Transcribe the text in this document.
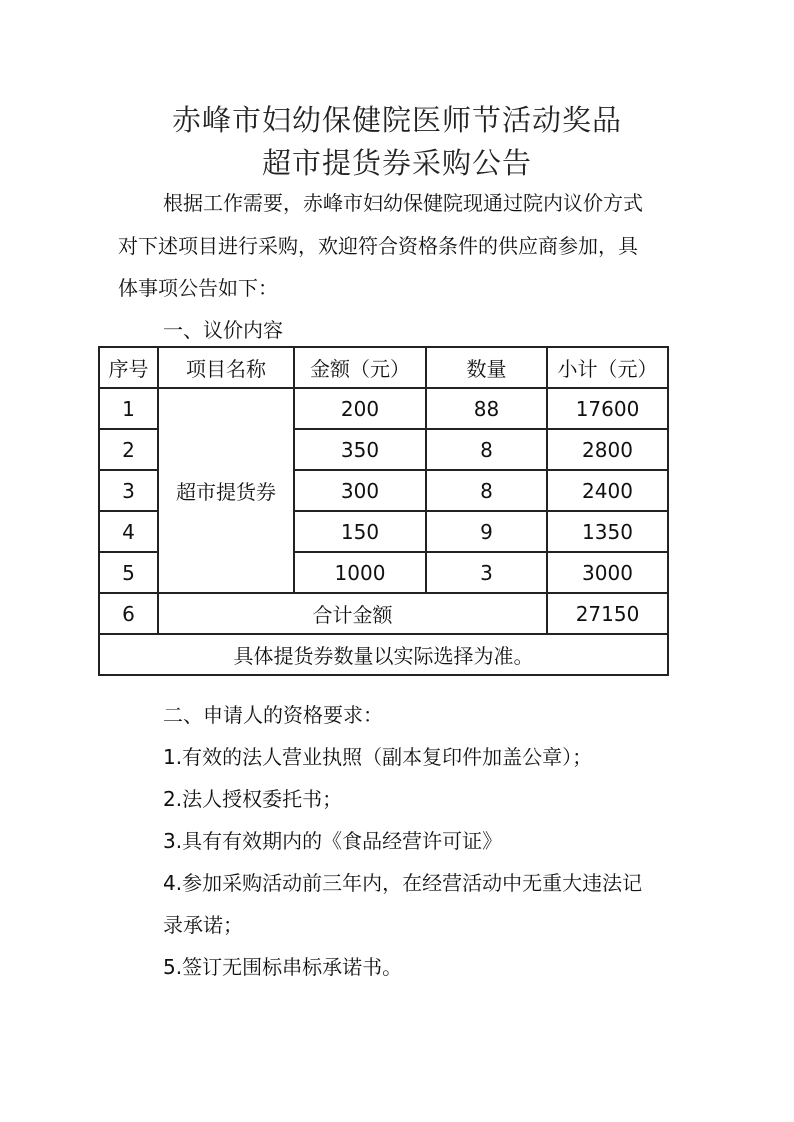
赤峰市妇幼保健院医师节活动奖品
超市提货券采购公告
根据工作需要，赤峰市妇幼保健院现通过院内议价方式
对下述项目进行采购，欢迎符合资格条件的供应商参加，具
体事项公告如下：
一、议价内容
序号	项目名称	金额（元）	数量	小计（元）
1	超市提货券	200	88	17600
2		350	8	2800
3		300	8	2400
4		150	9	1350
5		1000	3	3000
6	合计金额			27150
具体提货券数量以实际选择为准。				
二、申请人的资格要求：
1.有效的法人营业执照（副本复印件加盖公章）；
2.法人授权委托书；
3.具有有效期内的《食品经营许可证》
4.参加采购活动前三年内，在经营活动中无重大违法记
录承诺；
5.签订无围标串标承诺书。
